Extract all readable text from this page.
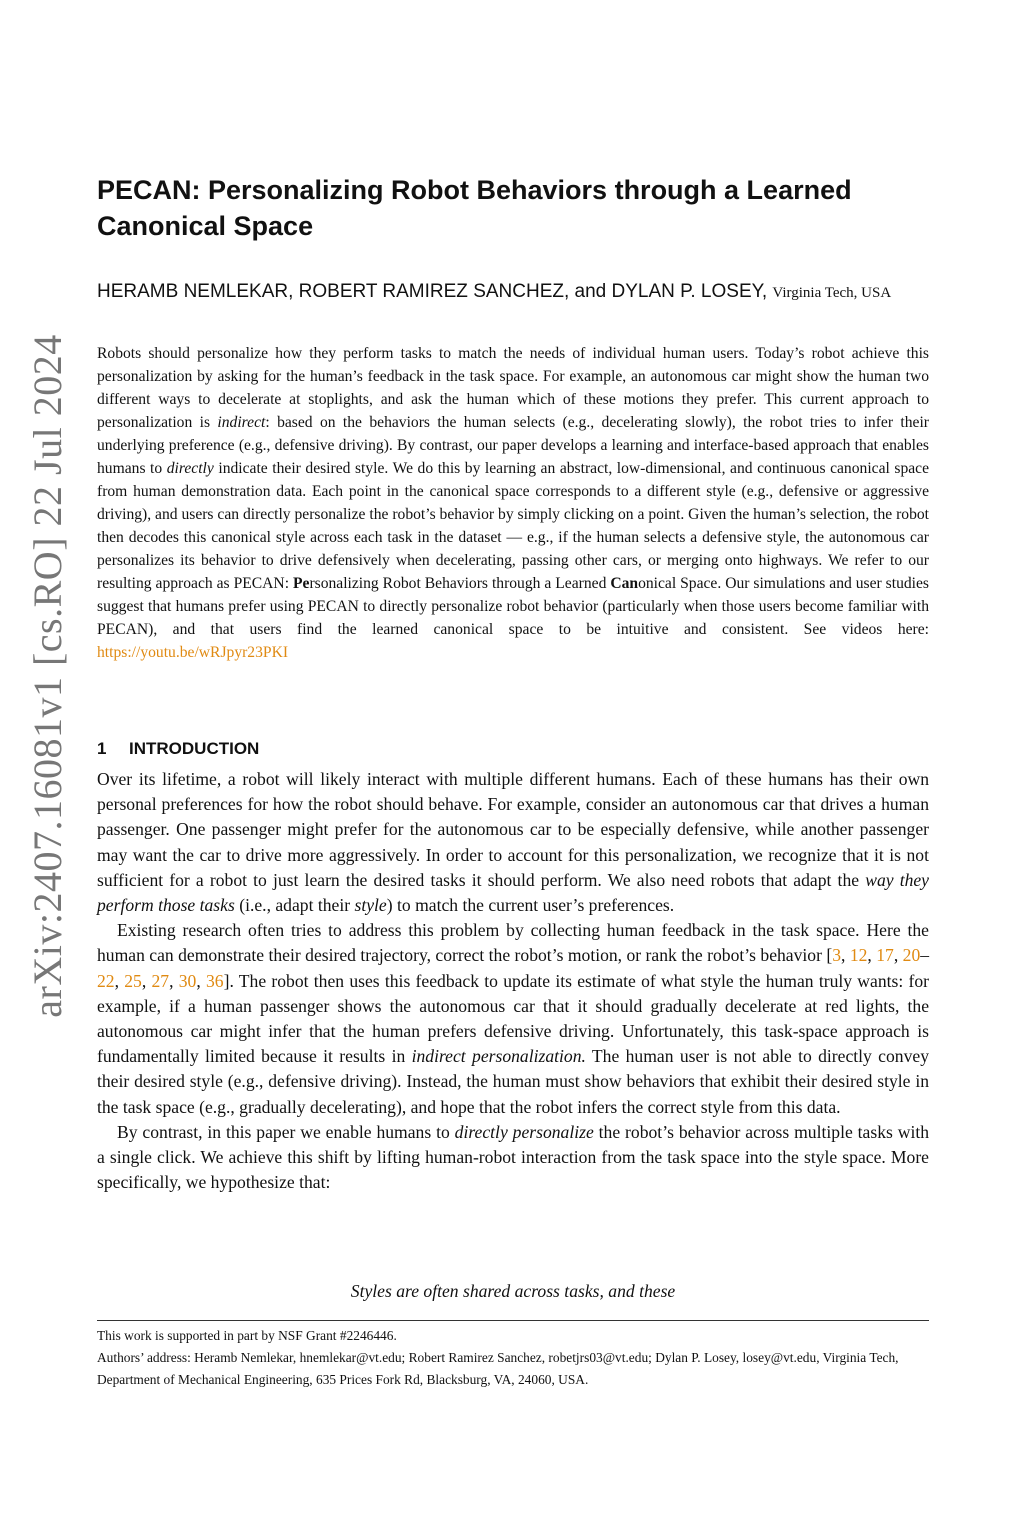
arXiv:2407.16081v1 [cs.RO] 22 Jul 2024
PECAN: Personalizing Robot Behaviors through a Learned Canonical Space
HERAMB NEMLEKAR, ROBERT RAMIREZ SANCHEZ, and DYLAN P. LOSEY, Virginia Tech, USA

Robots should personalize how they perform tasks to match the needs of individual human users. Today’s robot achieve this personalization by asking for the human’s feedback in the task space. For example, an autonomous car might show the human two different ways to decelerate at stoplights, and ask the human which of these motions they prefer. This current approach to personalization is indirect: based on the behaviors the human selects (e.g., decelerating slowly), the robot tries to infer their underlying preference (e.g., defensive driving). By contrast, our paper develops a learning and interface-based approach that enables humans to directly indicate their desired style. We do this by learning an abstract, low-dimensional, and continuous canonical space from human demonstration data. Each point in the canonical space corresponds to a different style (e.g., defensive or aggressive driving), and users can directly personalize the robot’s behavior by simply clicking on a point. Given the human’s selection, the robot then decodes this canonical style across each task in the dataset — e.g., if the human selects a defensive style, the autonomous car personalizes its behavior to drive defensively when decelerating, passing other cars, or merging onto highways. We refer to our resulting approach as PECAN: Personalizing Robot Behaviors through a Learned Canonical Space. Our simulations and user studies suggest that humans prefer using PECAN to directly personalize robot behavior (particularly when those users become familiar with PECAN), and that users find the learned canonical space to be intuitive and consistent. See videos here: https://youtu.be/wRJpyr23PKI

1 INTRODUCTION

Over its lifetime, a robot will likely interact with multiple different humans. Each of these humans has their own personal preferences for how the robot should behave. For example, consider an autonomous car that drives a human passenger. One passenger might prefer for the autonomous car to be especially defensive, while another passenger may want the car to drive more aggressively. In order to account for this personalization, we recognize that it is not sufficient for a robot to just learn the desired tasks it should perform. We also need robots that adapt the way they perform those tasks (i.e., adapt their style) to match the current user’s preferences.

Existing research often tries to address this problem by collecting human feedback in the task space. Here the human can demonstrate their desired trajectory, correct the robot’s motion, or rank the robot’s behavior [3, 12, 17, 20–22, 25, 27, 30, 36]. The robot then uses this feedback to update its estimate of what style the human truly wants: for example, if a human passenger shows the autonomous car that it should gradually decelerate at red lights, the autonomous car might infer that the human prefers defensive driving. Unfortunately, this task-space approach is fundamentally limited because it results in indirect personalization. The human user is not able to directly convey their desired style (e.g., defensive driving). Instead, the human must show behaviors that exhibit their desired style in the task space (e.g., gradually decelerating), and hope that the robot infers the correct style from this data.

By contrast, in this paper we enable humans to directly personalize the robot’s behavior across multiple tasks with a single click. We achieve this shift by lifting human-robot interaction from the task space into the style space. More specifically, we hypothesize that:

Styles are often shared across tasks, and these

This work is supported in part by NSF Grant #2246446.

Authors’ address: Heramb Nemlekar, hnemlekar@vt.edu; Robert Ramirez Sanchez, robetjrs03@vt.edu; Dylan P. Losey, losey@vt.edu, Virginia Tech, Department of Mechanical Engineering, 635 Prices Fork Rd, Blacksburg, VA, 24060, USA.
